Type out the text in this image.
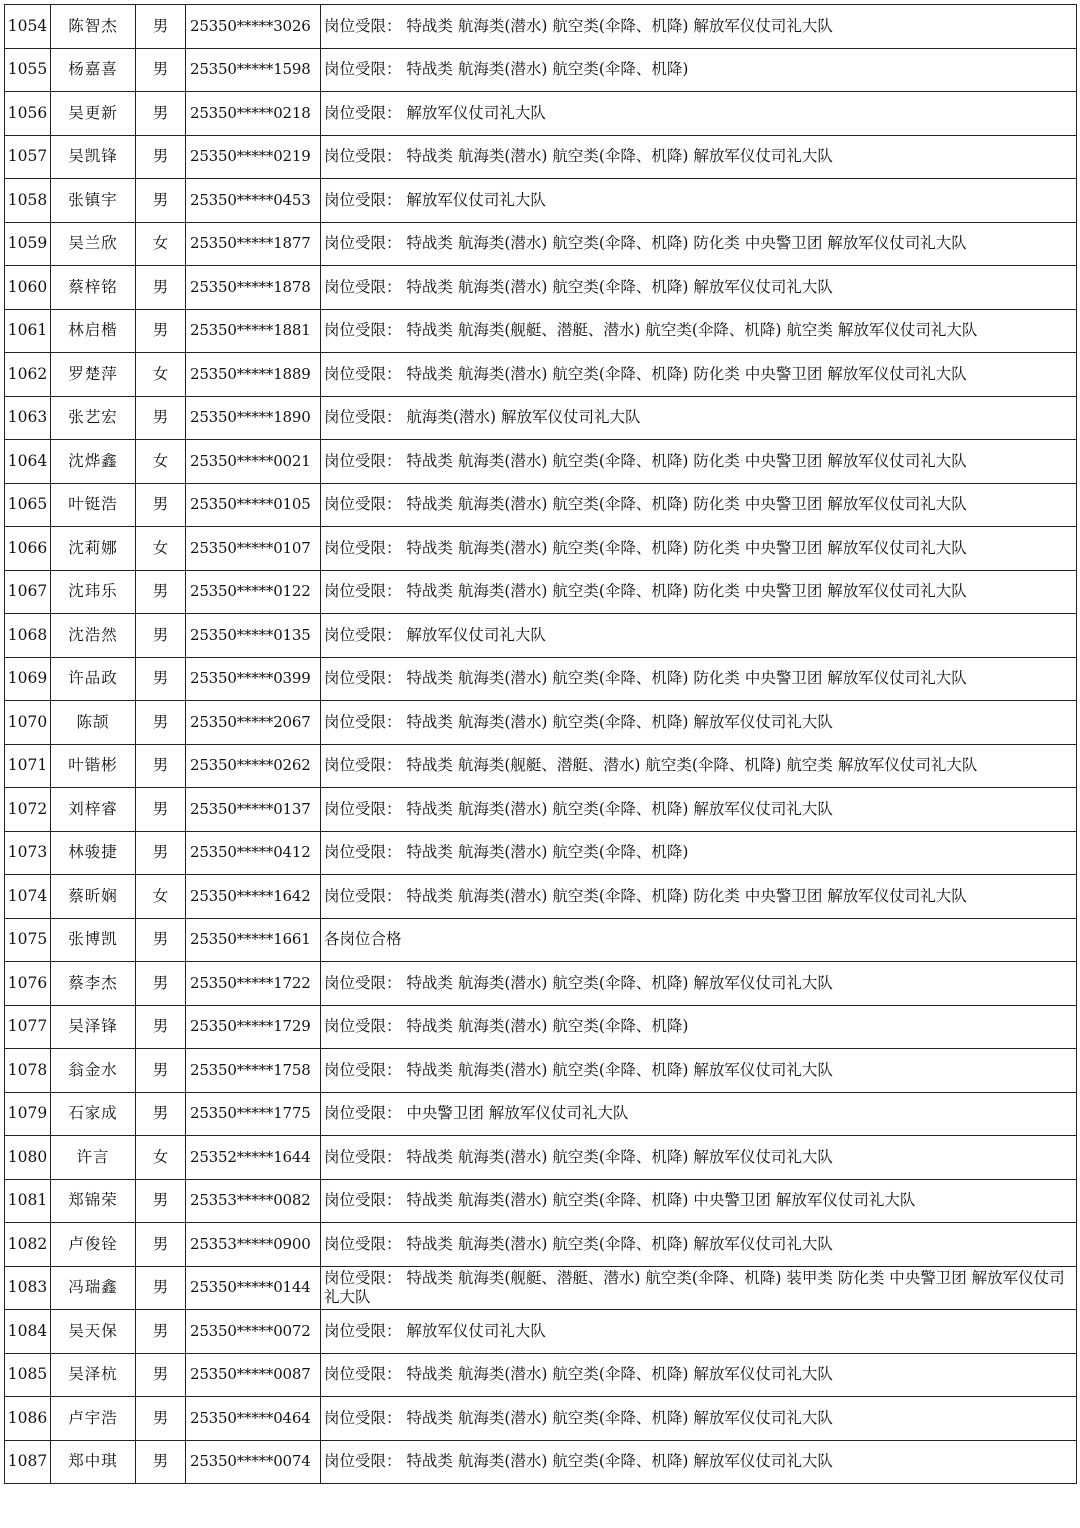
1054	陈智杰	男	25350*****3026	岗位受限： 特战类 航海类(潜水) 航空类(伞降、机降) 解放军仪仗司礼大队
1055	杨嘉喜	男	25350*****1598	岗位受限： 特战类 航海类(潜水) 航空类(伞降、机降)
1056	吴更新	男	25350*****0218	岗位受限： 解放军仪仗司礼大队
1057	吴凯锋	男	25350*****0219	岗位受限： 特战类 航海类(潜水) 航空类(伞降、机降) 解放军仪仗司礼大队
1058	张镇宇	男	25350*****0453	岗位受限： 解放军仪仗司礼大队
1059	吴兰欣	女	25350*****1877	岗位受限： 特战类 航海类(潜水) 航空类(伞降、机降) 防化类 中央警卫团 解放军仪仗司礼大队
1060	蔡梓铭	男	25350*****1878	岗位受限： 特战类 航海类(潜水) 航空类(伞降、机降) 解放军仪仗司礼大队
1061	林启楷	男	25350*****1881	岗位受限： 特战类 航海类(舰艇、潜艇、潜水) 航空类(伞降、机降) 航空类 解放军仪仗司礼大队
1062	罗楚萍	女	25350*****1889	岗位受限： 特战类 航海类(潜水) 航空类(伞降、机降) 防化类 中央警卫团 解放军仪仗司礼大队
1063	张艺宏	男	25350*****1890	岗位受限： 航海类(潜水) 解放军仪仗司礼大队
1064	沈烨鑫	女	25350*****0021	岗位受限： 特战类 航海类(潜水) 航空类(伞降、机降) 防化类 中央警卫团 解放军仪仗司礼大队
1065	叶铤浩	男	25350*****0105	岗位受限： 特战类 航海类(潜水) 航空类(伞降、机降) 防化类 中央警卫团 解放军仪仗司礼大队
1066	沈莉娜	女	25350*****0107	岗位受限： 特战类 航海类(潜水) 航空类(伞降、机降) 防化类 中央警卫团 解放军仪仗司礼大队
1067	沈玮乐	男	25350*****0122	岗位受限： 特战类 航海类(潜水) 航空类(伞降、机降) 防化类 中央警卫团 解放军仪仗司礼大队
1068	沈浩然	男	25350*****0135	岗位受限： 解放军仪仗司礼大队
1069	许品政	男	25350*****0399	岗位受限： 特战类 航海类(潜水) 航空类(伞降、机降) 防化类 中央警卫团 解放军仪仗司礼大队
1070	陈颉	男	25350*****2067	岗位受限： 特战类 航海类(潜水) 航空类(伞降、机降) 解放军仪仗司礼大队
1071	叶锴彬	男	25350*****0262	岗位受限： 特战类 航海类(舰艇、潜艇、潜水) 航空类(伞降、机降) 航空类 解放军仪仗司礼大队
1072	刘梓睿	男	25350*****0137	岗位受限： 特战类 航海类(潜水) 航空类(伞降、机降) 解放军仪仗司礼大队
1073	林骏捷	男	25350*****0412	岗位受限： 特战类 航海类(潜水) 航空类(伞降、机降)
1074	蔡昕娴	女	25350*****1642	岗位受限： 特战类 航海类(潜水) 航空类(伞降、机降) 防化类 中央警卫团 解放军仪仗司礼大队
1075	张博凯	男	25350*****1661	各岗位合格
1076	蔡李杰	男	25350*****1722	岗位受限： 特战类 航海类(潜水) 航空类(伞降、机降) 解放军仪仗司礼大队
1077	吴泽锋	男	25350*****1729	岗位受限： 特战类 航海类(潜水) 航空类(伞降、机降)
1078	翁金水	男	25350*****1758	岗位受限： 特战类 航海类(潜水) 航空类(伞降、机降) 解放军仪仗司礼大队
1079	石家成	男	25350*****1775	岗位受限： 中央警卫团 解放军仪仗司礼大队
1080	许言	女	25352*****1644	岗位受限： 特战类 航海类(潜水) 航空类(伞降、机降) 解放军仪仗司礼大队
1081	郑锦荣	男	25353*****0082	岗位受限： 特战类 航海类(潜水) 航空类(伞降、机降) 中央警卫团 解放军仪仗司礼大队
1082	卢俊铨	男	25353*****0900	岗位受限： 特战类 航海类(潜水) 航空类(伞降、机降) 解放军仪仗司礼大队
1083	冯瑞鑫	男	25350*****0144	岗位受限： 特战类 航海类(舰艇、潜艇、潜水) 航空类(伞降、机降) 装甲类 防化类 中央警卫团 解放军仪仗司礼大队
1084	吴天保	男	25350*****0072	岗位受限： 解放军仪仗司礼大队
1085	吴泽杭	男	25350*****0087	岗位受限： 特战类 航海类(潜水) 航空类(伞降、机降) 解放军仪仗司礼大队
1086	卢宇浩	男	25350*****0464	岗位受限： 特战类 航海类(潜水) 航空类(伞降、机降) 解放军仪仗司礼大队
1087	郑中琪	男	25350*****0074	岗位受限： 特战类 航海类(潜水) 航空类(伞降、机降) 解放军仪仗司礼大队
